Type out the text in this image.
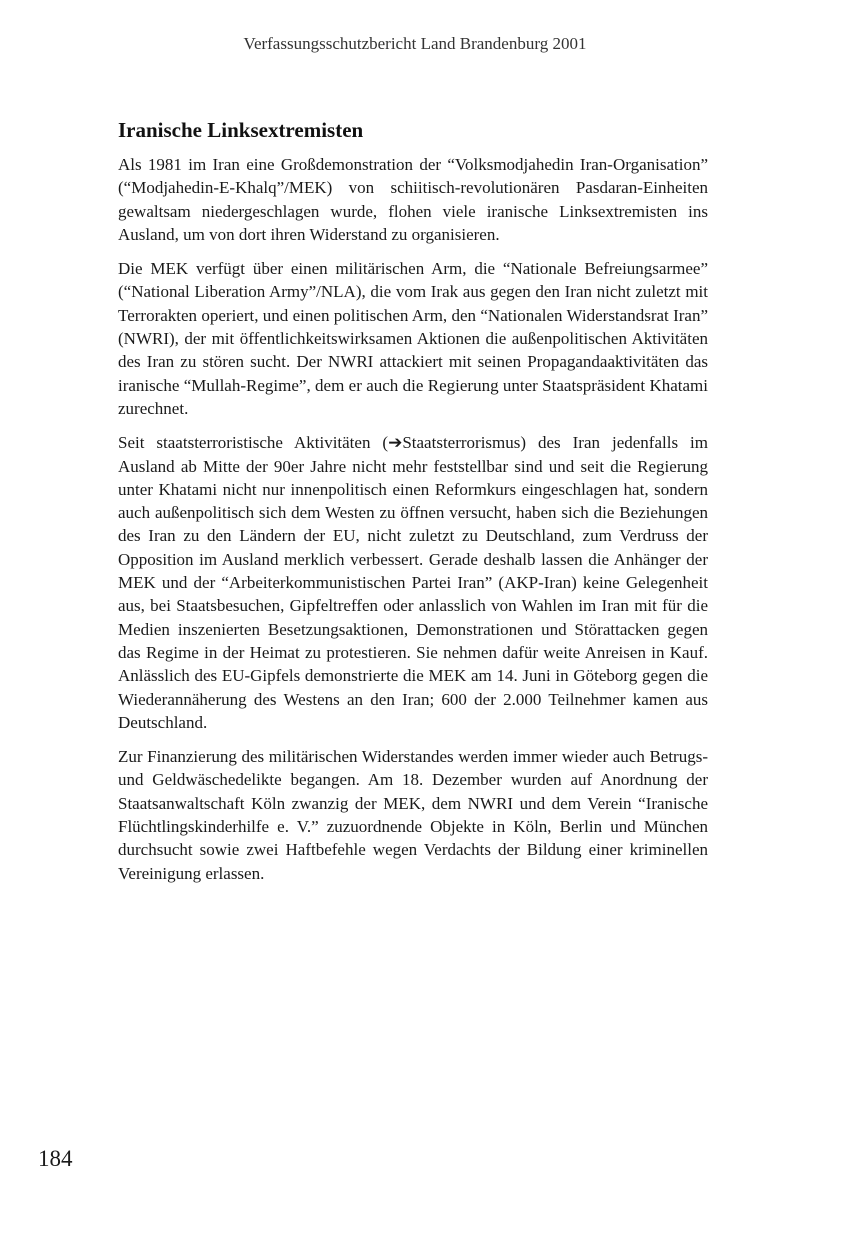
Verfassungsschutzbericht Land Brandenburg 2001
Iranische Linksextremisten

Als 1981 im Iran eine Großdemonstration der “Volksmodjahedin Iran-Organisation” (“Modjahedin-E-Khalq”/MEK) von schiitisch-revolutionären Pasdaran-Einheiten gewaltsam niedergeschlagen wurde, flohen viele iranische Linksextremisten ins Ausland, um von dort ihren Widerstand zu organisieren.

Die MEK verfügt über einen militärischen Arm, die “Nationale Befreiungsarmee” (“National Liberation Army”/NLA), die vom Irak aus gegen den Iran nicht zuletzt mit Terrorakten operiert, und einen politischen Arm, den “Nationalen Widerstandsrat Iran” (NWRI), der mit öffentlichkeitswirksamen Aktionen die außenpolitischen Aktivitäten des Iran zu stören sucht. Der NWRI attackiert mit seinen Propagandaaktivitäten das iranische “Mullah-Regime”, dem er auch die Regierung unter Staatspräsident Khatami zurechnet.

Seit staatsterroristische Aktivitäten (➔Staatsterrorismus) des Iran jedenfalls im Ausland ab Mitte der 90er Jahre nicht mehr feststellbar sind und seit die Regierung unter Khatami nicht nur innenpolitisch einen Reformkurs eingeschlagen hat, sondern auch außenpolitisch sich dem Westen zu öffnen versucht, haben sich die Beziehungen des Iran zu den Ländern der EU, nicht zuletzt zu Deutschland, zum Verdruss der Opposition im Ausland merklich verbessert. Gerade deshalb lassen die Anhänger der MEK und der “Arbeiterkommunistischen Partei Iran” (AKP-Iran) keine Gelegenheit aus, bei Staatsbesuchen, Gipfeltreffen oder anlasslich von Wahlen im Iran mit für die Medien inszenierten Besetzungsaktionen, Demonstrationen und Störattacken gegen das Regime in der Heimat zu protestieren. Sie nehmen dafür weite Anreisen in Kauf. Anlässlich des EU-Gipfels demonstrierte die MEK am 14. Juni in Göteborg gegen die Wiederannäherung des Westens an den Iran; 600 der 2.000 Teilnehmer kamen aus Deutschland.

Zur Finanzierung des militärischen Widerstandes werden immer wieder auch Betrugs- und Geldwäschedelikte begangen. Am 18. Dezember wurden auf Anordnung der Staatsanwaltschaft Köln zwanzig der MEK, dem NWRI und dem Verein “Iranische Flüchtlingskinderhilfe e. V.” zuzuordnende Objekte in Köln, Berlin und München durchsucht sowie zwei Haftbefehle wegen Verdachts der Bildung einer kriminellen Vereinigung erlassen.

184
